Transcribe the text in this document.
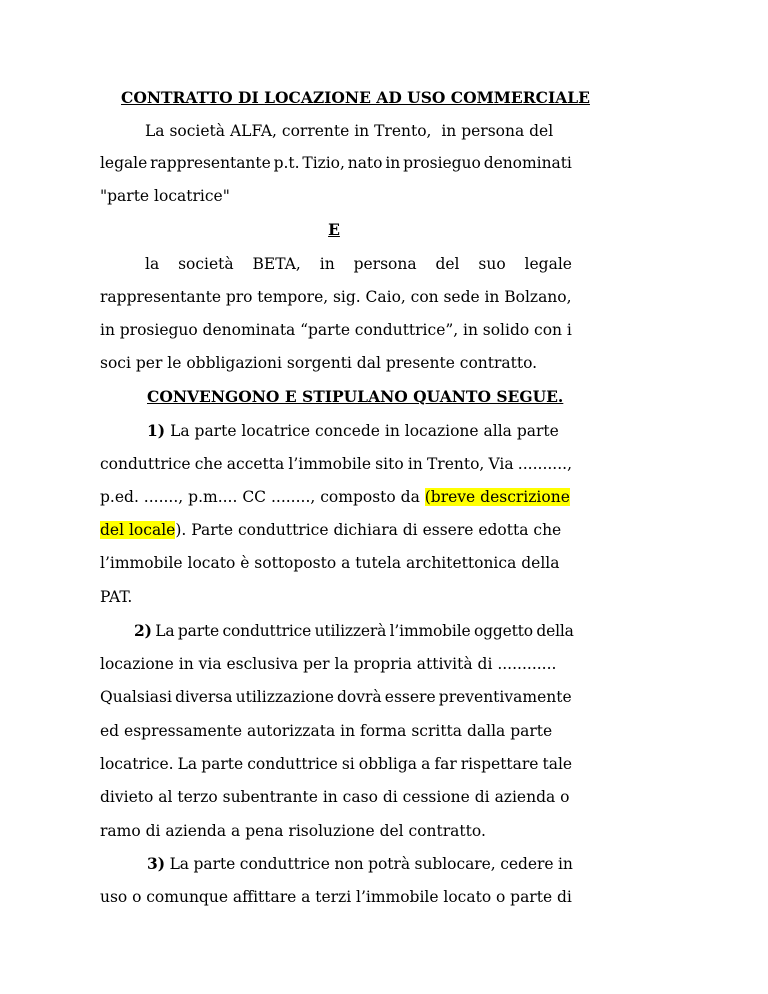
CONTRATTO DI LOCAZIONE AD USO COMMERCIALE
La società ALFA, corrente in Trento,  in persona del
legale rappresentante p.t. Tizio, nato in prosieguo denominati
"parte locatrice"
E
la società BETA, in persona del suo legale
rappresentante pro tempore, sig. Caio, con sede in Bolzano,
in prosieguo denominata “parte conduttrice”, in solido con i
soci per le obbligazioni sorgenti dal presente contratto.
CONVENGONO E STIPULANO QUANTO SEGUE.
1) La parte locatrice concede in locazione alla parte
conduttrice che accetta l’immobile sito in Trento, Via ..........,
p.ed. ......., p.m.... CC ........, composto da (breve descrizione
del locale). Parte conduttrice dichiara di essere edotta che
l’immobile locato è sottoposto a tutela architettonica della
PAT.
2) La parte conduttrice utilizzerà l’immobile oggetto della
locazione in via esclusiva per la propria attività di ............
Qualsiasi diversa utilizzazione dovrà essere preventivamente
ed espressamente autorizzata in forma scritta dalla parte
locatrice. La parte conduttrice si obbliga a far rispettare tale
divieto al terzo subentrante in caso di cessione di azienda o
ramo di azienda a pena risoluzione del contratto.
3) La parte conduttrice non potrà sublocare, cedere in
uso o comunque affittare a terzi l’immobile locato o parte di
